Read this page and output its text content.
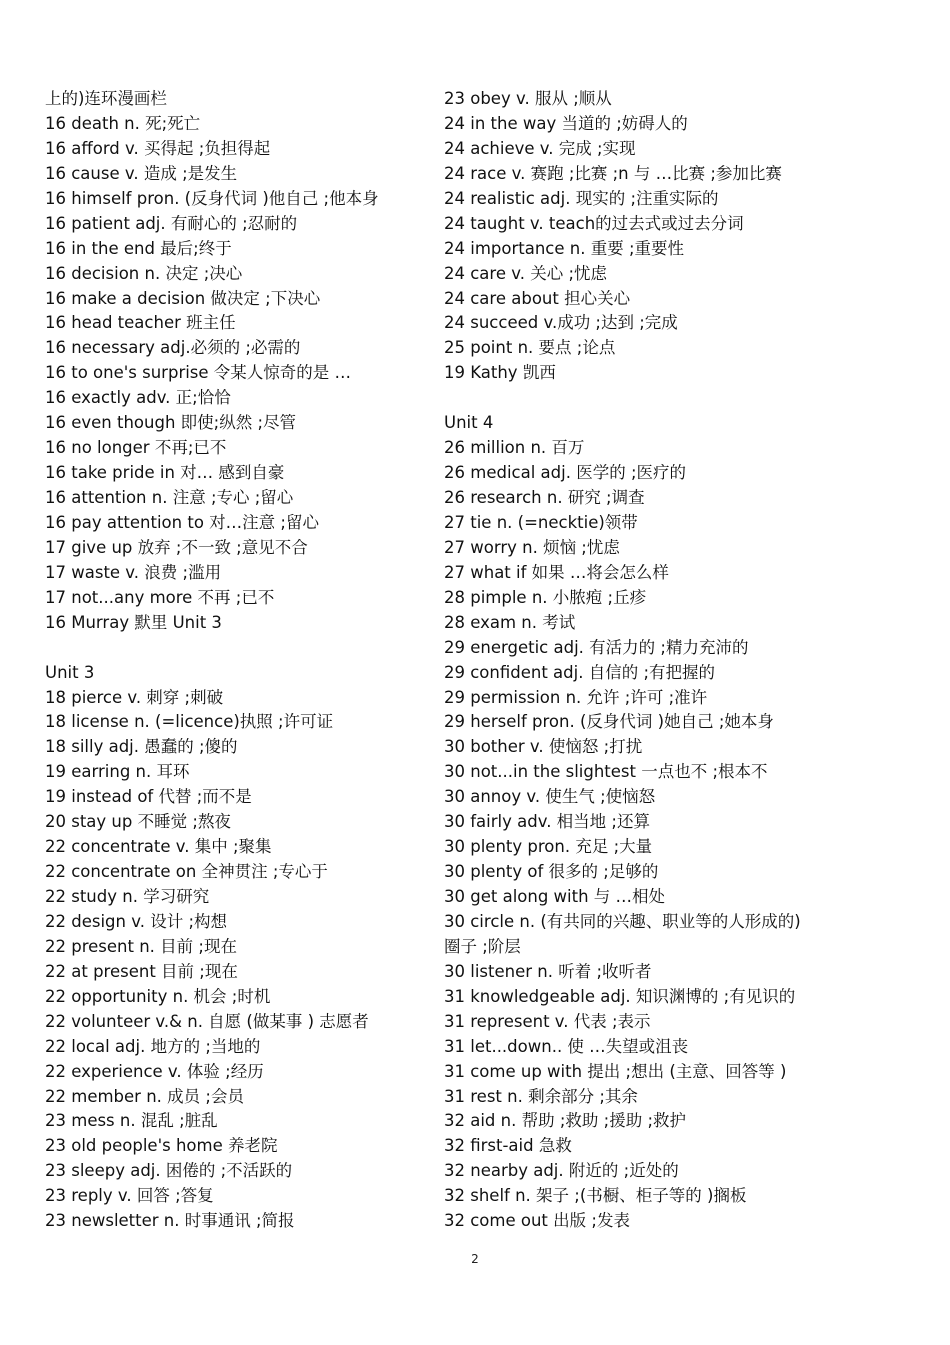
上的)连环漫画栏
16 death n. 死;死亡
16 afford v. 买得起 ;负担得起
16 cause v. 造成 ;是发生
16 himself pron. (反身代词 )他自己 ;他本身
16 patient adj. 有耐心的 ;忍耐的
16 in the end 最后;终于
16 decision n. 决定 ;决心
16 make a decision 做决定 ;下决心
16 head teacher 班主任
16 necessary adj.必须的 ;必需的
16 to one's surprise 令某人惊奇的是 …
16 exactly adv. 正;恰恰
16 even though 即使;纵然 ;尽管
16 no longer 不再;已不
16 take pride in 对… 感到自豪
16 attention n. 注意 ;专心 ;留心
16 pay attention to 对…注意 ;留心
17 give up 放弃 ;不一致 ;意见不合
17 waste v. 浪费 ;滥用
17 not...any more 不再 ;已不
16 Murray 默里 Unit 3
Unit 3
18 pierce v. 刺穿 ;刺破
18 license n. (=licence)执照 ;许可证
18 silly adj. 愚蠢的 ;傻的
19 earring n. 耳环
19 instead of 代替 ;而不是
20 stay up 不睡觉 ;熬夜
22 concentrate v. 集中 ;聚集
22 concentrate on 全神贯注 ;专心于
22 study n. 学习研究
22 design v. 设计 ;构想
22 present n. 目前 ;现在
22 at present 目前 ;现在
22 opportunity n. 机会 ;时机
22 volunteer v.& n. 自愿 (做某事 ) 志愿者
22 local adj. 地方的 ;当地的
22 experience v. 体验 ;经历
22 member n. 成员 ;会员
23 mess n. 混乱 ;脏乱
23 old people's home 养老院
23 sleepy adj. 困倦的 ;不活跃的
23 reply v. 回答 ;答复
23 newsletter n. 时事通讯 ;简报
23 obey v. 服从 ;顺从
24 in the way 当道的 ;妨碍人的
24 achieve v. 完成 ;实现
24 race v. 赛跑 ;比赛 ;n 与 …比赛 ;参加比赛
24 realistic adj. 现实的 ;注重实际的
24 taught v. teach的过去式或过去分词
24 importance n. 重要 ;重要性
24 care v. 关心 ;忧虑
24 care about 担心关心
24 succeed v.成功 ;达到 ;完成
25 point n. 要点 ;论点
19 Kathy 凯西
Unit 4
26 million n. 百万
26 medical adj. 医学的 ;医疗的
26 research n. 研究 ;调查
27 tie n. (=necktie)领带
27 worry n. 烦恼 ;忧虑
27 what if 如果 …将会怎么样
28 pimple n. 小脓疱 ;丘疹
28 exam n. 考试
29 energetic adj. 有活力的 ;精力充沛的
29 confident adj. 自信的 ;有把握的
29 permission n. 允许 ;许可 ;准许
29 herself pron. (反身代词 )她自己 ;她本身
30 bother v. 使恼怒 ;打扰
30 not...in the slightest 一点也不 ;根本不
30 annoy v. 使生气 ;使恼怒
30 fairly adv. 相当地 ;还算
30 plenty pron. 充足 ;大量
30 plenty of 很多的 ;足够的
30 get along with 与 …相处
30 circle n. (有共同的兴趣、职业等的人形成的)圈子 ;阶层
30 listener n. 听着 ;收听者
31 knowledgeable adj. 知识渊博的 ;有见识的
31 represent v. 代表 ;表示
31 let...down.. 使 …失望或沮丧
31 come up with 提出 ;想出 (主意、回答等 )
31 rest n. 剩余部分 ;其余
32 aid n. 帮助 ;救助 ;援助 ;救护
32 first-aid 急救
32 nearby adj. 附近的 ;近处的
32 shelf n. 架子 ;(书橱、柜子等的 )搁板
32 come out 出版 ;发表
2
